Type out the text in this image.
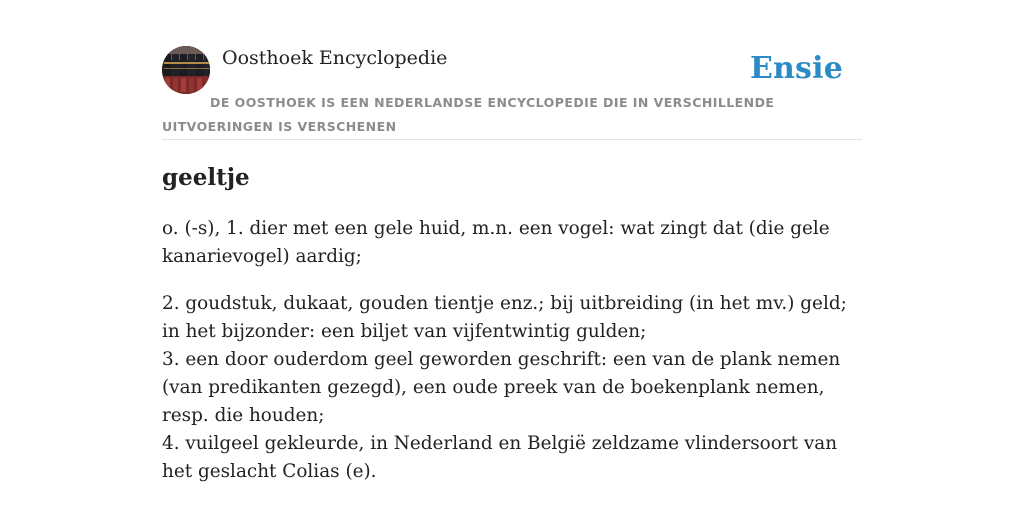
Oosthoek Encyclopedie	Ensie
DE OOSTHOEK IS EEN NEDERLANDSE ENCYCLOPEDIE DIE IN VERSCHILLENDE UITVOERINGEN IS VERSCHENEN
geeltje

o. (-s), 1. dier met een gele huid, m.n. een vogel: wat zingt dat (die gele kanarievogel) aardig;

2. goudstuk, dukaat, gouden tientje enz.; bij uitbreiding (in het mv.) geld; in het bijzonder: een biljet van vijfentwintig gulden;
3. een door ouderdom geel geworden geschrift: een van de plank nemen (van predikanten gezegd), een oude preek van de boekenplank nemen, resp. die houden;
4. vuilgeel gekleurde, in Nederland en België zeldzame vlindersoort van het geslacht Colias (e).
